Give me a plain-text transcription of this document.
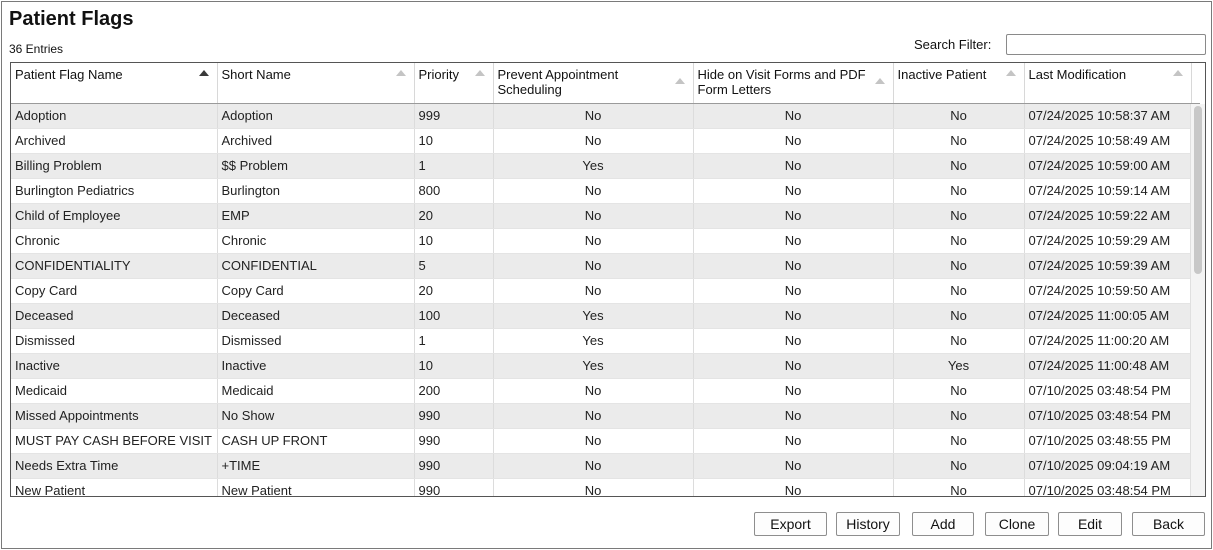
Patient Flags
36 Entries	Search Filter:
Patient Flag Name	Short Name	Priority	Prevent Appointment Scheduling	Hide on Visit Forms and PDF Form Letters	Inactive Patient	Last Modification	

Adoption	Adoption	999	No	No	No	07/24/2025 10:58:37 AM	
Archived	Archived	10	No	No	No	07/24/2025 10:58:49 AM	
Billing Problem	$$ Problem	1	Yes	No	No	07/24/2025 10:59:00 AM	
Burlington Pediatrics	Burlington	800	No	No	No	07/24/2025 10:59:14 AM	
Child of Employee	EMP	20	No	No	No	07/24/2025 10:59:22 AM	
Chronic	Chronic	10	No	No	No	07/24/2025 10:59:29 AM	
CONFIDENTIALITY	CONFIDENTIAL	5	No	No	No	07/24/2025 10:59:39 AM	
Copy Card	Copy Card	20	No	No	No	07/24/2025 10:59:50 AM	
Deceased	Deceased	100	Yes	No	No	07/24/2025 11:00:05 AM	
Dismissed	Dismissed	1	Yes	No	No	07/24/2025 11:00:20 AM	
Inactive	Inactive	10	Yes	No	Yes	07/24/2025 11:00:48 AM	
Medicaid	Medicaid	200	No	No	No	07/10/2025 03:48:54 PM	
Missed Appointments	No Show	990	No	No	No	07/10/2025 03:48:54 PM	
MUST PAY CASH BEFORE VISIT	CASH UP FRONT	990	No	No	No	07/10/2025 03:48:55 PM	
Needs Extra Time	+TIME	990	No	No	No	07/10/2025 09:04:19 AM	
New Patient	New Patient	990	No	No	No	07/10/2025 03:48:54 PM	
Export	History	Add	Clone	Edit	Back
